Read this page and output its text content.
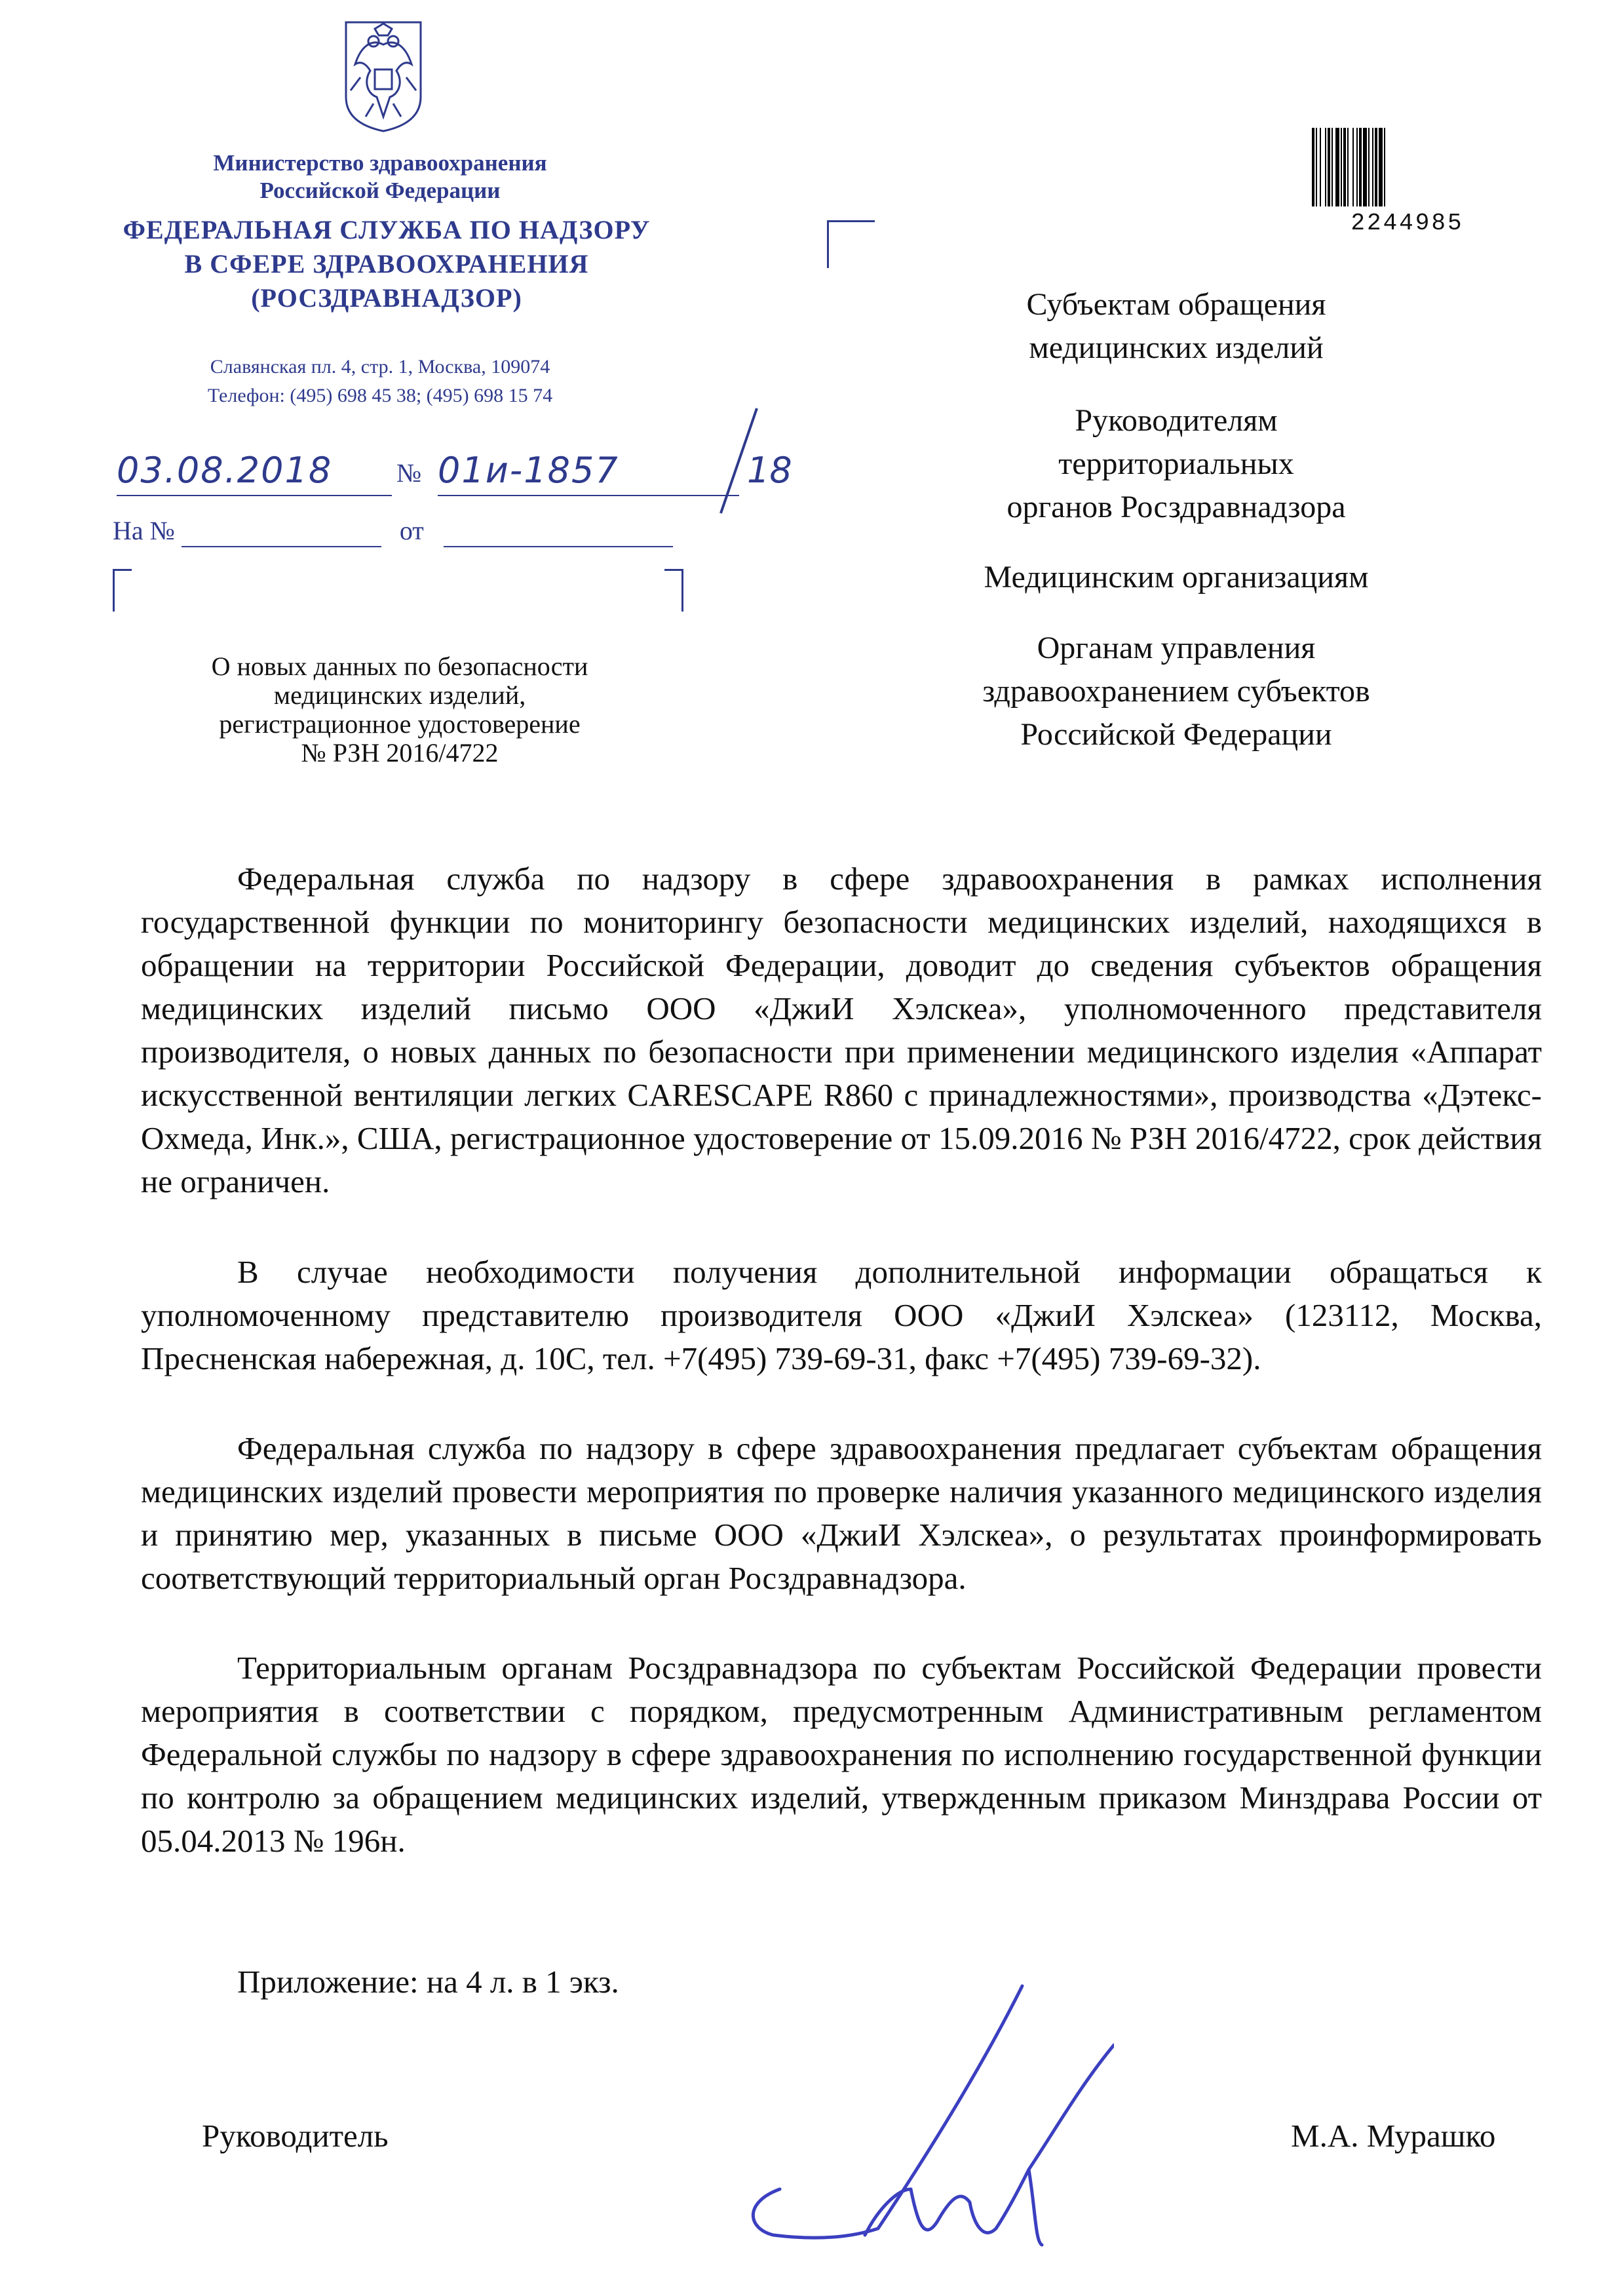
Министерство здравоохранения
Российской Федерации
ФЕДЕРАЛЬНАЯ СЛУЖБА ПО НАДЗОРУ
В СФЕРЕ ЗДРАВООХРАНЕНИЯ
(РОСЗДРАВНАДЗОР)
Славянская пл. 4, стр. 1, Москва, 109074
Телефон: (495) 698 45 38; (495) 698 15 74
03.08.2018 № 01и-1857	18
На №	от
О новых данных по безопасности
медицинских изделий,
регистрационное удостоверение
№ РЗН 2016/4722
2244985
Субъектам обращения
медицинских изделий
Руководителям
территориальных
органов Росздравнадзора
Медицинским организациям
Органам управления
здравоохранением субъектов
Российской Федерации

Федеральная служба по надзору в сфере здравоохранения в рамках исполнения государственной функции по мониторингу безопасности медицинских изделий, находящихся в обращении на территории Российской Федерации, доводит до сведения субъектов обращения медицинских изделий письмо ООО «ДжиИ Хэлскеа», уполномоченного представителя производителя, о новых данных по безопасности при применении медицинского изделия «Аппарат искусственной вентиляции легких CARESCAPE R860 с принадлежностями», производства «Дэтекс-Охмеда, Инк.», США, регистрационное удостоверение от 15.09.2016 № РЗН 2016/4722, срок действия не ограничен.

В случае необходимости получения дополнительной информации обращаться к уполномоченному представителю производителя ООО «ДжиИ Хэлскеа» (123112, Москва, Пресненская набережная, д. 10С, тел. +7(495) 739-69-31, факс +7(495) 739-69-32).

Федеральная служба по надзору в сфере здравоохранения предлагает субъектам обращения медицинских изделий провести мероприятия по проверке наличия указанного медицинского изделия и принятию мер, указанных в письме ООО «ДжиИ Хэлскеа», о результатах проинформировать соответствующий территориальный орган Росздравнадзора.

Территориальным органам Росздравнадзора по субъектам Российской Федерации провести мероприятия в соответствии с порядком, предусмотренным Административным регламентом Федеральной службы по надзору в сфере здравоохранения по исполнению государственной функции по контролю за обращением медицинских изделий, утвержденным приказом Минздрава России от 05.04.2013 № 196н.

Приложение: на 4 л. в 1 экз.
Руководитель	М.А. Мурашко
